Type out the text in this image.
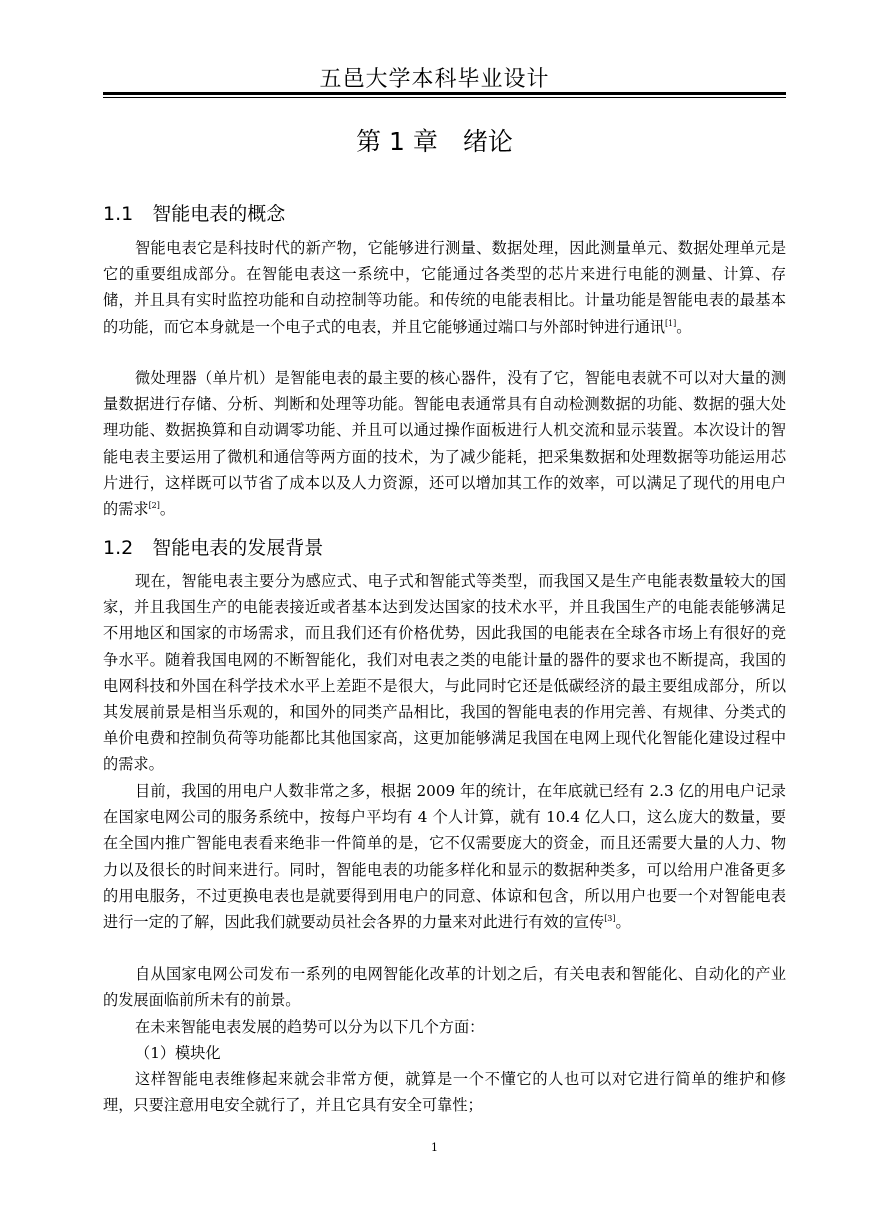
五邑大学本科毕业设计
第 1 章　绪论
1.1　智能电表的概念
智能电表它是科技时代的新产物，它能够进行测量、数据处理，因此测量单元、数据处理单元是它的重要组成部分。在智能电表这一系统中，它能通过各类型的芯片来进行电能的测量、计算、存储，并且具有实时监控功能和自动控制等功能。和传统的电能表相比。计量功能是智能电表的最基本的功能，而它本身就是一个电子式的电表，并且它能够通过端口与外部时钟进行通讯[1]。
微处理器（单片机）是智能电表的最主要的核心器件，没有了它，智能电表就不可以对大量的测量数据进行存储、分析、判断和处理等功能。智能电表通常具有自动检测数据的功能、数据的强大处理功能、数据换算和自动调零功能、并且可以通过操作面板进行人机交流和显示装置。本次设计的智能电表主要运用了微机和通信等两方面的技术，为了减少能耗，把采集数据和处理数据等功能运用芯片进行，这样既可以节省了成本以及人力资源，还可以增加其工作的效率，可以满足了现代的用电户的需求[2]。
1.2　智能电表的发展背景
现在，智能电表主要分为感应式、电子式和智能式等类型，而我国又是生产电能表数量较大的国家，并且我国生产的电能表接近或者基本达到发达国家的技术水平，并且我国生产的电能表能够满足不用地区和国家的市场需求，而且我们还有价格优势，因此我国的电能表在全球各市场上有很好的竞争水平。随着我国电网的不断智能化，我们对电表之类的电能计量的器件的要求也不断提高，我国的电网科技和外国在科学技术水平上差距不是很大，与此同时它还是低碳经济的最主要组成部分，所以其发展前景是相当乐观的，和国外的同类产品相比，我国的智能电表的作用完善、有规律、分类式的单价电费和控制负荷等功能都比其他国家高，这更加能够满足我国在电网上现代化智能化建设过程中的需求。
目前，我国的用电户人数非常之多，根据 2009 年的统计，在年底就已经有 2.3 亿的用电户记录在国家电网公司的服务系统中，按每户平均有 4 个人计算，就有 10.4 亿人口，这么庞大的数量，要在全国内推广智能电表看来绝非一件简单的是，它不仅需要庞大的资金，而且还需要大量的人力、物力以及很长的时间来进行。同时，智能电表的功能多样化和显示的数据种类多，可以给用户准备更多的用电服务，不过更换电表也是就要得到用电户的同意、体谅和包含，所以用户也要一个对智能电表进行一定的了解，因此我们就要动员社会各界的力量来对此进行有效的宣传[3]。
自从国家电网公司发布一系列的电网智能化改革的计划之后，有关电表和智能化、自动化的产业的发展面临前所未有的前景。
在未来智能电表发展的趋势可以分为以下几个方面：
（1）模块化
这样智能电表维修起来就会非常方便，就算是一个不懂它的人也可以对它进行简单的维护和修理，只要注意用电安全就行了，并且它具有安全可靠性；
1
